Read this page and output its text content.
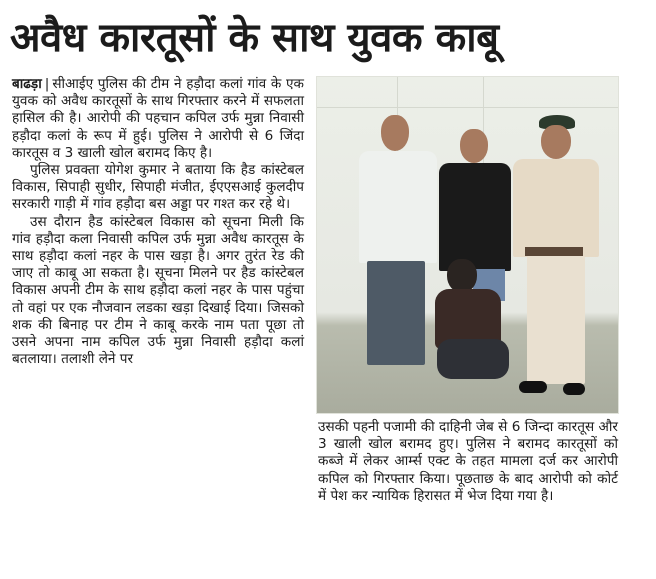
अवैध कारतूसों के साथ युवक काबू

बाढड़ा | सीआईए पुलिस की टीम ने हड़ौदा कलां गांव के एक युवक को अवैध कारतूसों के साथ गिरफ्तार करने में सफलता हासिल की है। आरोपी की पहचान कपिल उर्फ मुन्ना निवासी हड़ौदा कलां के रूप में हुई। पुलिस ने आरोपी से 6 जिंदा कारतूस व 3 खाली खोल बरामद किए है।

पुलिस प्रवक्ता योगेश कुमार ने बताया कि हैड कांस्टेबल विकास, सिपाही सुधीर, सिपाही मंजीत, ईएएसआई कुलदीप सरकारी गाड़ी में गांव हड़ौदा बस अड्डा पर गश्त कर रहे थे।

उस दौरान हैड कांस्टेबल विकास को सूचना मिली कि गांव हड़ौदा कला निवासी कपिल उर्फ मुन्ना अवैध कारतूस के साथ हड़ौदा कलां नहर के पास खड़ा है। अगर तुरंत रेड की जाए तो काबू आ सकता है। सूचना मिलने पर हैड कांस्टेबल विकास अपनी टीम के साथ हड़ौदा कलां नहर के पास पहुंचा तो वहां पर एक नौजवान लडका खड़ा दिखाई दिया। जिसको शक की बिनाह पर टीम ने काबू करके नाम पता पूछा तो उसने अपना नाम कपिल उर्फ मुन्ना निवासी हड़ौदा कलां बतलाया। तलाशी लेने पर

उसकी पहनी पजामी की दाहिनी जेब से 6 जिन्दा कारतूस और 3 खाली खोल बरामद हुए। पुलिस ने बरामद कारतूसों को कब्जे में लेकर आर्म्स एक्ट के तहत मामला दर्ज कर आरोपी कपिल को गिरफ्तार किया। पूछताछ के बाद आरोपी को कोर्ट में पेश कर न्यायिक हिरासत में भेज दिया गया है।
